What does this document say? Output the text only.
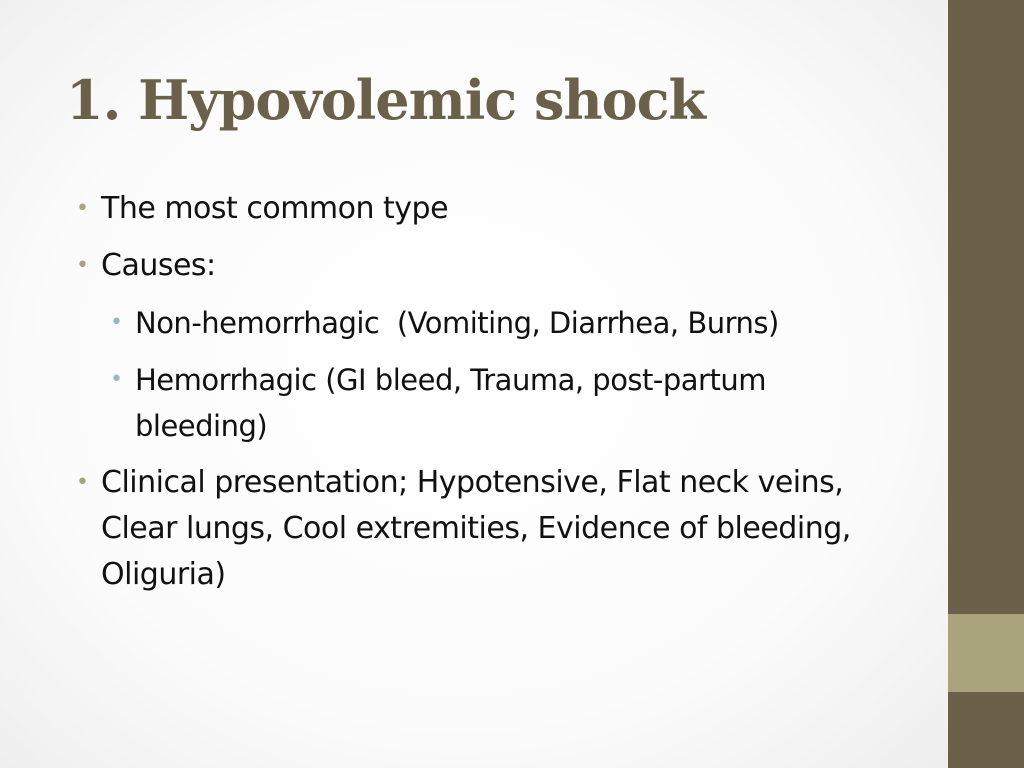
1. Hypovolemic shock
• The most common type
• Causes:
• Non-hemorrhagic  (Vomiting, Diarrhea, Burns)
• Hemorrhagic (GI bleed, Trauma, post-partum bleeding)
• Clinical presentation; Hypotensive, Flat neck veins, Clear lungs, Cool extremities, Evidence of bleeding, Oliguria)
